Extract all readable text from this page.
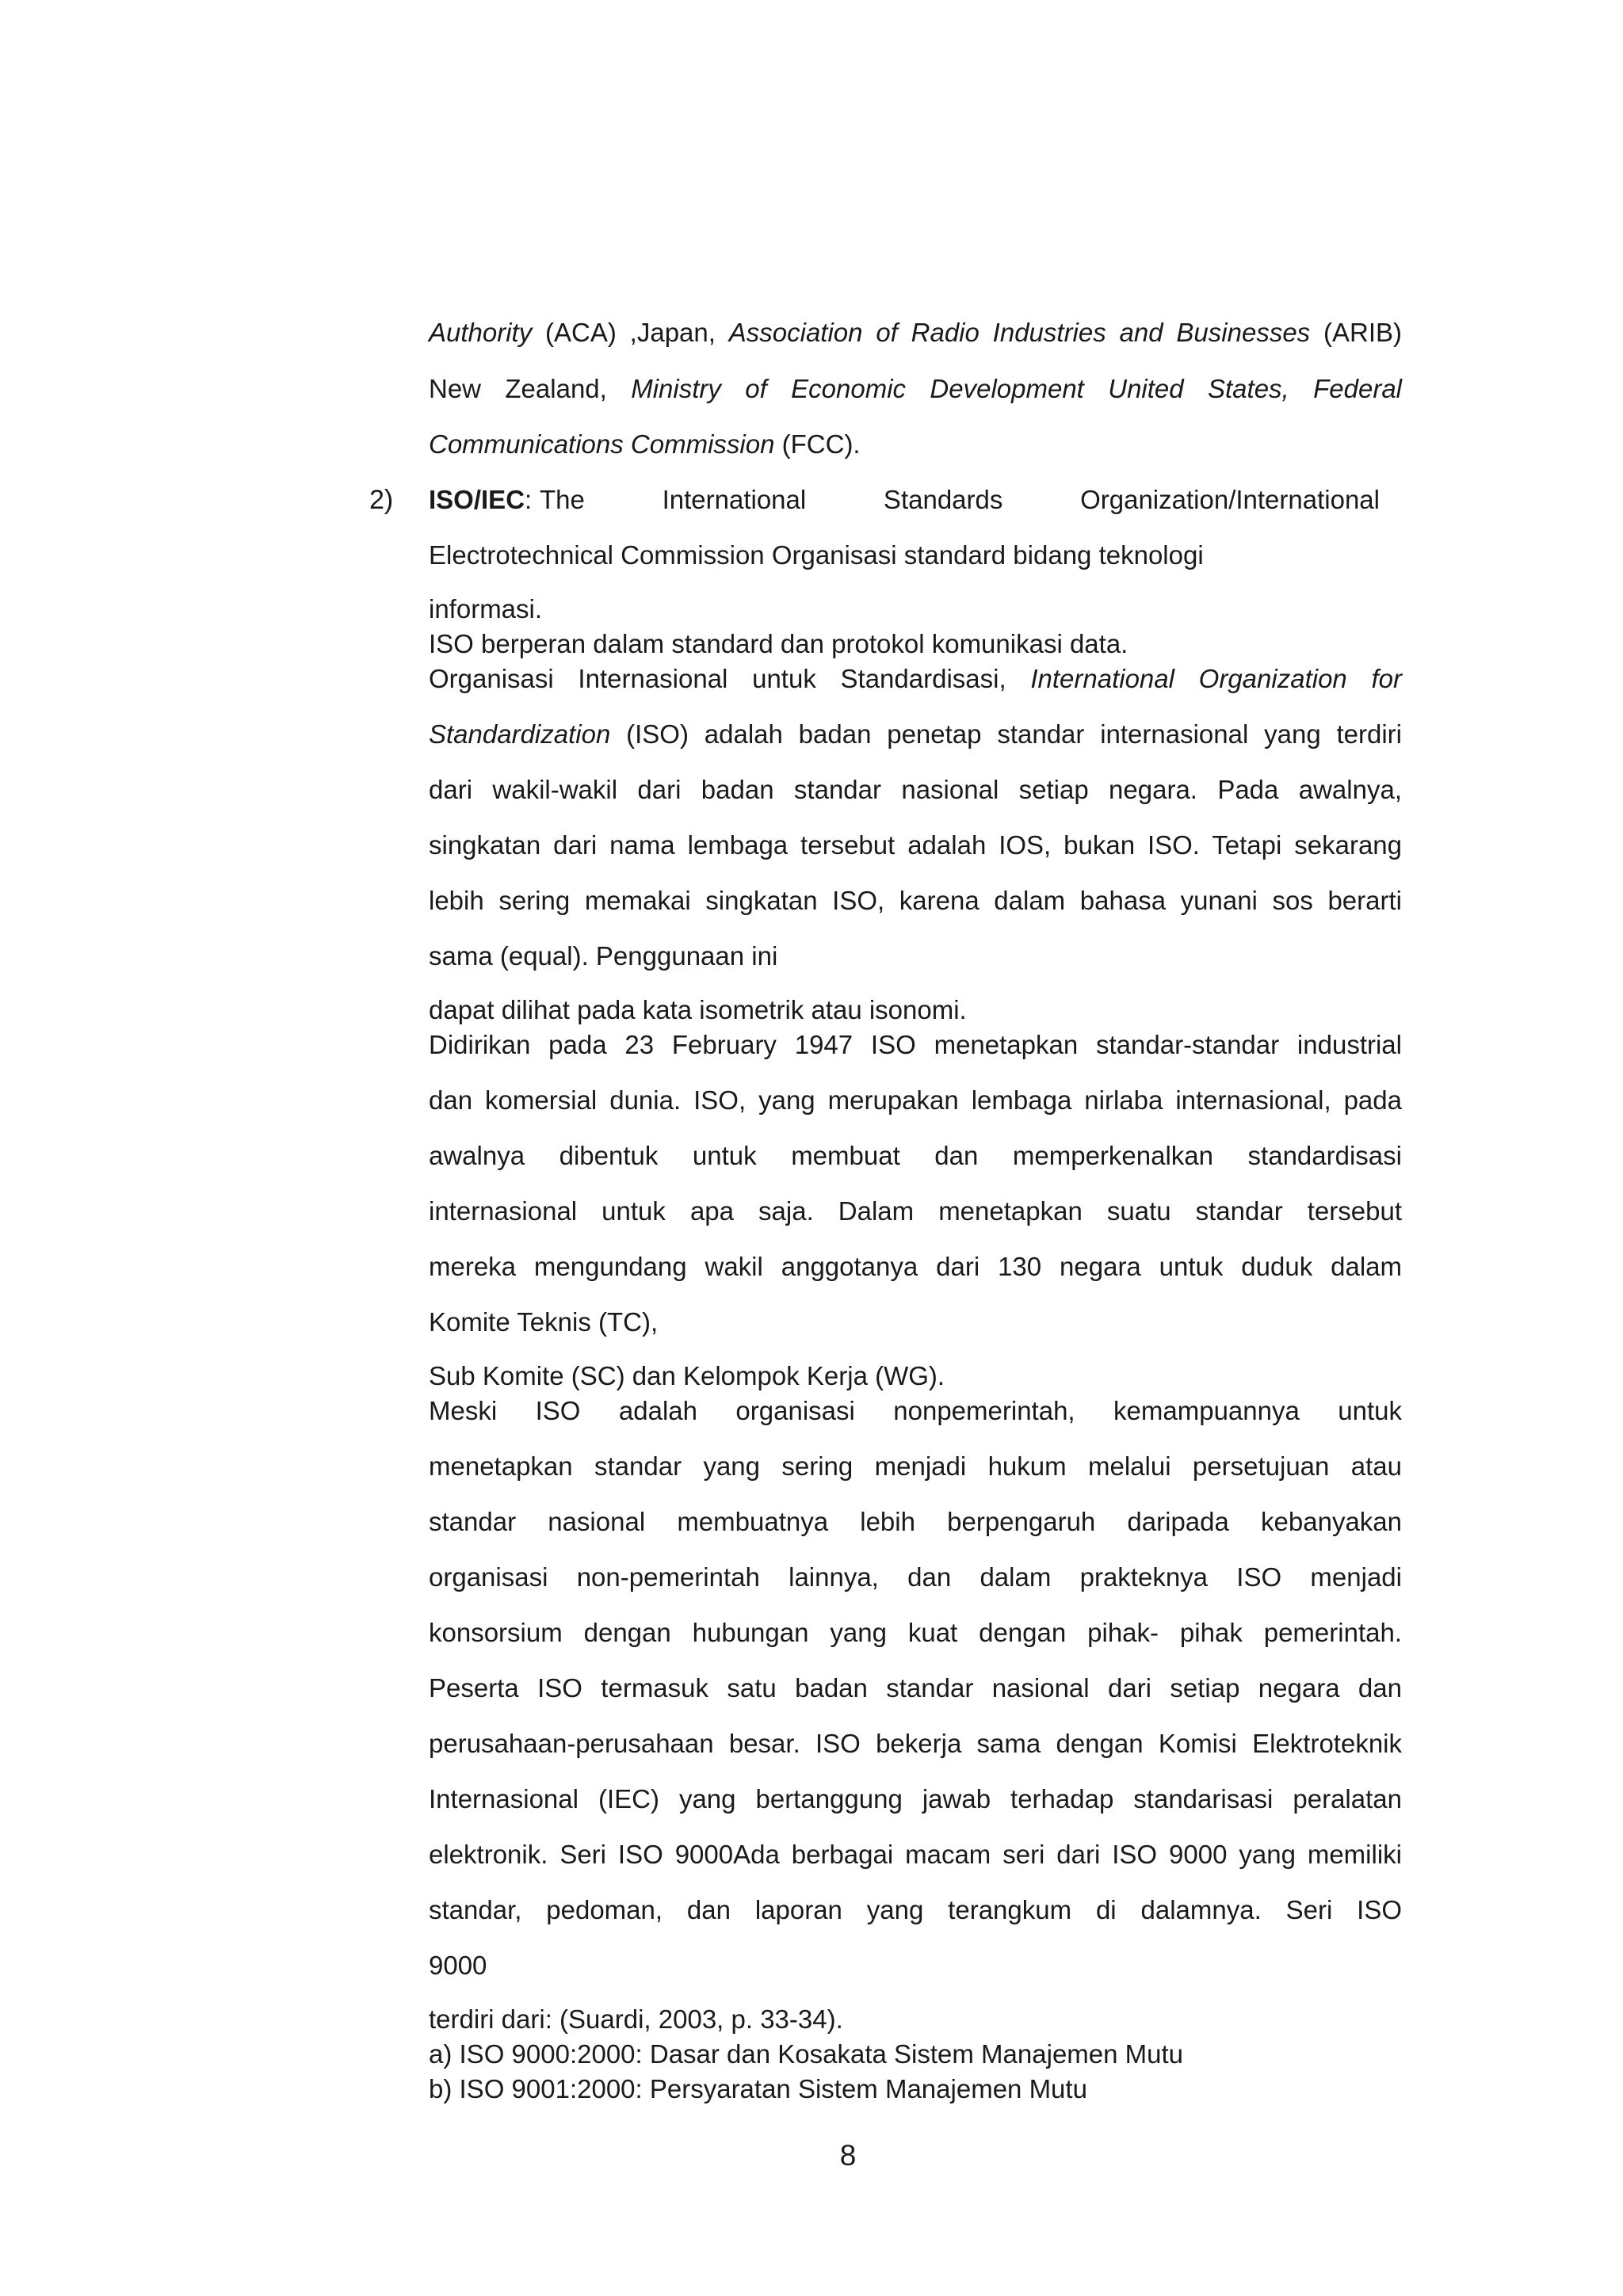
Authority (ACA) ,Japan, Association of Radio Industries and Businesses (ARIB)
New Zealand, Ministry of Economic Development United States, Federal
Communications Commission (FCC).
2) ISO/IEC: The International Standards Organization/International
Electrotechnical Commission Organisasi standard bidang teknologi
informasi.
ISO berperan dalam standard dan protokol komunikasi data.
Organisasi Internasional untuk Standardisasi, International Organization for
Standardization (ISO) adalah badan penetap standar internasional yang terdiri
dari wakil-wakil dari badan standar nasional setiap negara. Pada awalnya,
singkatan dari nama lembaga tersebut adalah IOS, bukan ISO. Tetapi sekarang
lebih sering memakai singkatan ISO, karena dalam bahasa yunani sos berarti
sama (equal). Penggunaan ini
dapat dilihat pada kata isometrik atau isonomi.
Didirikan pada 23 February 1947 ISO menetapkan standar-standar industrial
dan komersial dunia. ISO, yang merupakan lembaga nirlaba internasional, pada
awalnya dibentuk untuk membuat dan memperkenalkan standardisasi
internasional untuk apa saja. Dalam menetapkan suatu standar tersebut
mereka mengundang wakil anggotanya dari 130 negara untuk duduk dalam
Komite Teknis (TC),
Sub Komite (SC) dan Kelompok Kerja (WG).
Meski ISO adalah organisasi nonpemerintah, kemampuannya untuk
menetapkan standar yang sering menjadi hukum melalui persetujuan atau
standar nasional membuatnya lebih berpengaruh daripada kebanyakan
organisasi non-pemerintah lainnya, dan dalam prakteknya ISO menjadi
konsorsium dengan hubungan yang kuat dengan pihak- pihak pemerintah.
Peserta ISO termasuk satu badan standar nasional dari setiap negara dan
perusahaan-perusahaan besar. ISO bekerja sama dengan Komisi Elektroteknik
Internasional (IEC) yang bertanggung jawab terhadap standarisasi peralatan
elektronik. Seri ISO 9000Ada berbagai macam seri dari ISO 9000 yang memiliki
standar, pedoman, dan laporan yang terangkum di dalamnya. Seri ISO
9000
terdiri dari: (Suardi, 2003, p. 33-34).
a) ISO 9000:2000: Dasar dan Kosakata Sistem Manajemen Mutu
b) ISO 9001:2000: Persyaratan Sistem Manajemen Mutu
8
